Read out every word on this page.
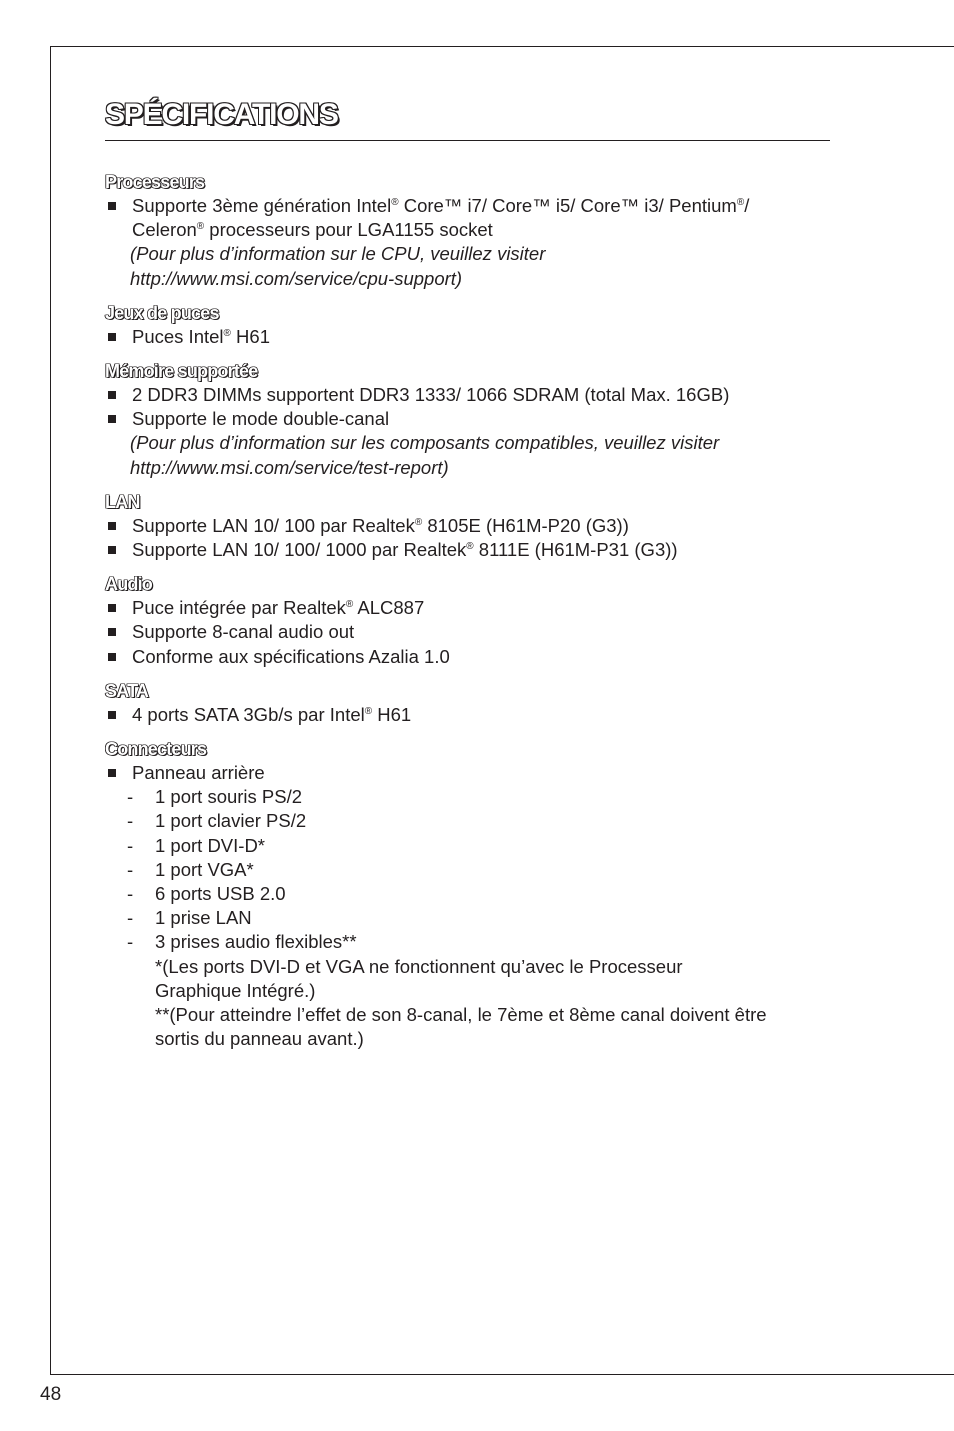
SPÉCIFICATIONS
Processeurs
Supporte 3ème génération Intel® Core™ i7/ Core™ i5/ Core™ i3/ Pentium®/
Celeron® processeurs pour LGA1155 socket
(Pour plus d’information sur le CPU, veuillez visiter
http://www.msi.com/service/cpu-support)
Jeux de puces
Puces Intel® H61
Mémoire supportée
2 DDR3 DIMMs supportent DDR3 1333/ 1066 SDRAM (total Max. 16GB)
Supporte le mode double-canal
(Pour plus d’information sur les composants compatibles, veuillez visiter
http://www.msi.com/service/test-report)
LAN
Supporte LAN 10/ 100 par Realtek® 8105E (H61M-P20 (G3))
Supporte LAN 10/ 100/ 1000 par Realtek® 8111E (H61M-P31 (G3))
Audio
Puce intégrée par Realtek® ALC887
Supporte 8-canal audio out
Conforme aux spécifications Azalia 1.0
SATA
4 ports SATA 3Gb/s par Intel® H61
Connecteurs
Panneau arrière
- 1 port souris PS/2
- 1 port clavier PS/2
- 1 port DVI-D*
- 1 port VGA*
- 6 ports USB 2.0
- 1 prise LAN
- 3 prises audio flexibles**
*(Les ports DVI-D et VGA ne fonctionnent qu’avec le Processeur
Graphique Intégré.)
**(Pour atteindre l’effet de son 8-canal, le 7ème et 8ème canal doivent être
sortis du panneau avant.)
48
